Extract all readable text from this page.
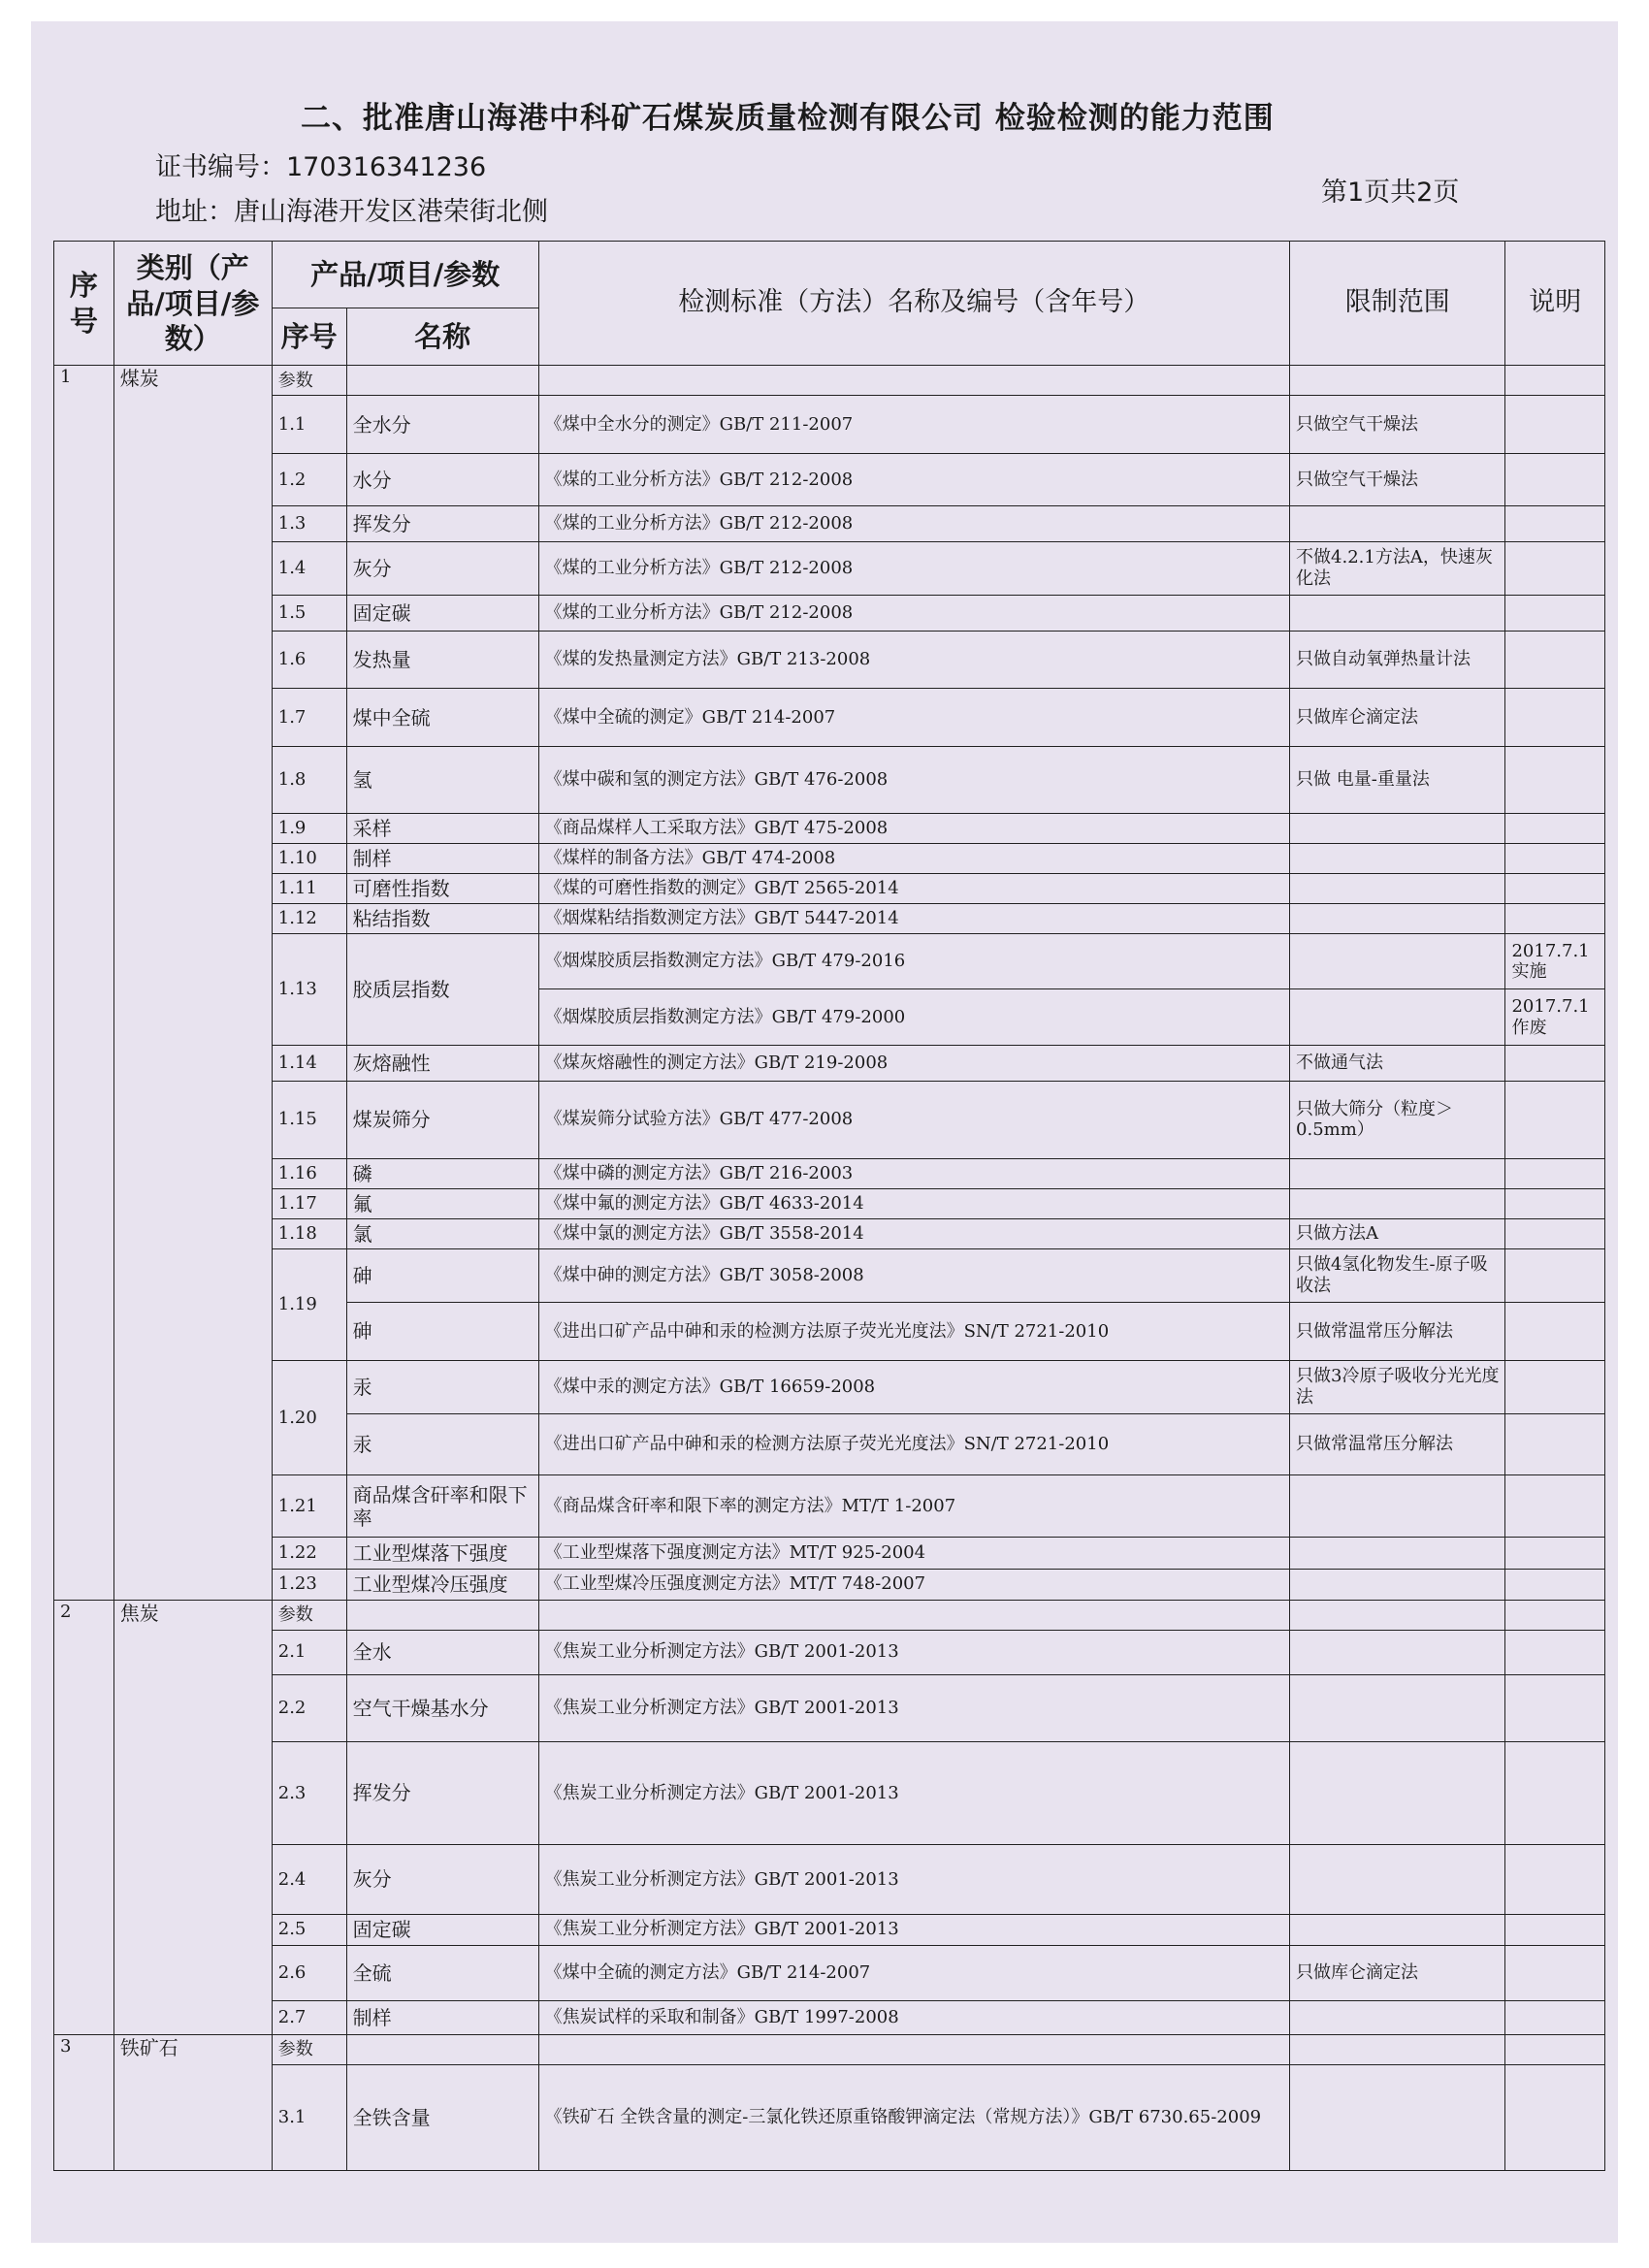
二、批准唐山海港中科矿石煤炭质量检测有限公司 检验检测的能力范围
证书编号：170316341236
地址：唐山海港开发区港荣街北侧
第1页共2页
序号	类别（产品/项目/参数）	产品/项目/参数		检测标准（方法）名称及编号（含年号）	限制范围	说明
		序号	名称			
1	煤炭	参数				
		1.1	全水分	《煤中全水分的测定》GB/T 211-2007	只做空气干燥法	
		1.2	水分	《煤的工业分析方法》GB/T 212-2008	只做空气干燥法	
		1.3	挥发分	《煤的工业分析方法》GB/T 212-2008		
		1.4	灰分	《煤的工业分析方法》GB/T 212-2008	不做4.2.1方法A，快速灰化法	
		1.5	固定碳	《煤的工业分析方法》GB/T 212-2008		
		1.6	发热量	《煤的发热量测定方法》GB/T 213-2008	只做自动氧弹热量计法	
		1.7	煤中全硫	《煤中全硫的测定》GB/T 214-2007	只做库仑滴定法	
		1.8	氢	《煤中碳和氢的测定方法》GB/T 476-2008	只做 电量-重量法	
		1.9	采样	《商品煤样人工采取方法》GB/T 475-2008		
		1.10	制样	《煤样的制备方法》GB/T 474-2008		
		1.11	可磨性指数	《煤的可磨性指数的测定》GB/T 2565-2014		
		1.12	粘结指数	《烟煤粘结指数测定方法》GB/T 5447-2014		
		1.13	胶质层指数	《烟煤胶质层指数测定方法》GB/T 479-2016		2017.7.1实施
				《烟煤胶质层指数测定方法》GB/T 479-2000		2017.7.1作废
		1.14	灰熔融性	《煤灰熔融性的测定方法》GB/T 219-2008	不做通气法	
		1.15	煤炭筛分	《煤炭筛分试验方法》GB/T 477-2008	只做大筛分（粒度＞0.5mm）	
		1.16	磷	《煤中磷的测定方法》GB/T 216-2003		
		1.17	氟	《煤中氟的测定方法》GB/T 4633-2014		
		1.18	氯	《煤中氯的测定方法》GB/T 3558-2014	只做方法A	
		1.19	砷	《煤中砷的测定方法》GB/T 3058-2008	只做4氢化物发生-原子吸收法	
			砷	《进出口矿产品中砷和汞的检测方法原子荧光光度法》SN/T 2721-2010	只做常温常压分解法	
		1.20	汞	《煤中汞的测定方法》GB/T 16659-2008	只做3冷原子吸收分光光度法	
			汞	《进出口矿产品中砷和汞的检测方法原子荧光光度法》SN/T 2721-2010	只做常温常压分解法	
		1.21	商品煤含矸率和限下率	《商品煤含矸率和限下率的测定方法》MT/T 1-2007		
		1.22	工业型煤落下强度	《工业型煤落下强度测定方法》MT/T 925-2004		
		1.23	工业型煤冷压强度	《工业型煤冷压强度测定方法》MT/T 748-2007		
2	焦炭	参数				
		2.1	全水	《焦炭工业分析测定方法》GB/T 2001-2013		
		2.2	空气干燥基水分	《焦炭工业分析测定方法》GB/T 2001-2013		
		2.3	挥发分	《焦炭工业分析测定方法》GB/T 2001-2013		
		2.4	灰分	《焦炭工业分析测定方法》GB/T 2001-2013		
		2.5	固定碳	《焦炭工业分析测定方法》GB/T 2001-2013		
		2.6	全硫	《煤中全硫的测定方法》GB/T 214-2007	只做库仑滴定法	
		2.7	制样	《焦炭试样的采取和制备》GB/T 1997-2008		
3	铁矿石	参数				
		3.1	全铁含量	《铁矿石 全铁含量的测定-三氯化铁还原重铬酸钾滴定法（常规方法）》GB/T 6730.65-2009		
